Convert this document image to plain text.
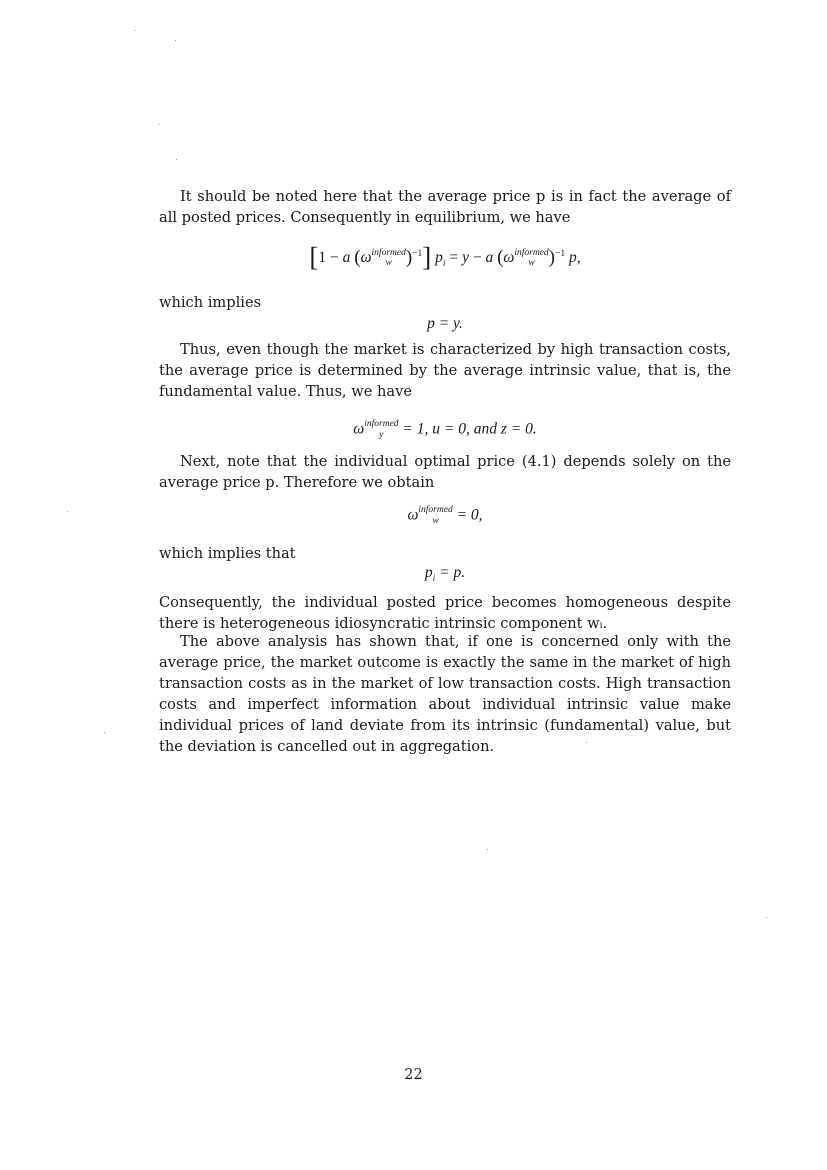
It should be noted here that the average price p is in fact the average of all posted prices. Consequently in equilibrium, we have

[1 − a (ω informed
w )$^{-1}$] $p_i = y - a$ (ω informed
w )$^{-1}$ p,

which implies

p = y.

Thus, even though the market is characterized by high transaction costs, the average price is determined by the average intrinsic value, that is, the fundamental value. Thus, we have

ω informed
y	= 1, u = 0, and z = 0.

Next, note that the individual optimal price (4.1) depends solely on the average price p. Therefore we obtain

ω informed
w	= 0,

which implies that

$p_i = p$.

Consequently, the individual posted price becomes homogeneous despite there is heterogeneous idiosyncratic intrinsic component wᵢ.

The above analysis has shown that, if one is concerned only with the average price, the market outcome is exactly the same in the market of high transaction costs as in the market of low transaction costs. High transaction costs and imperfect information about individual intrinsic value make individual prices of land deviate from its intrinsic (fundamental) value, but the deviation is cancelled out in aggregation.

22
